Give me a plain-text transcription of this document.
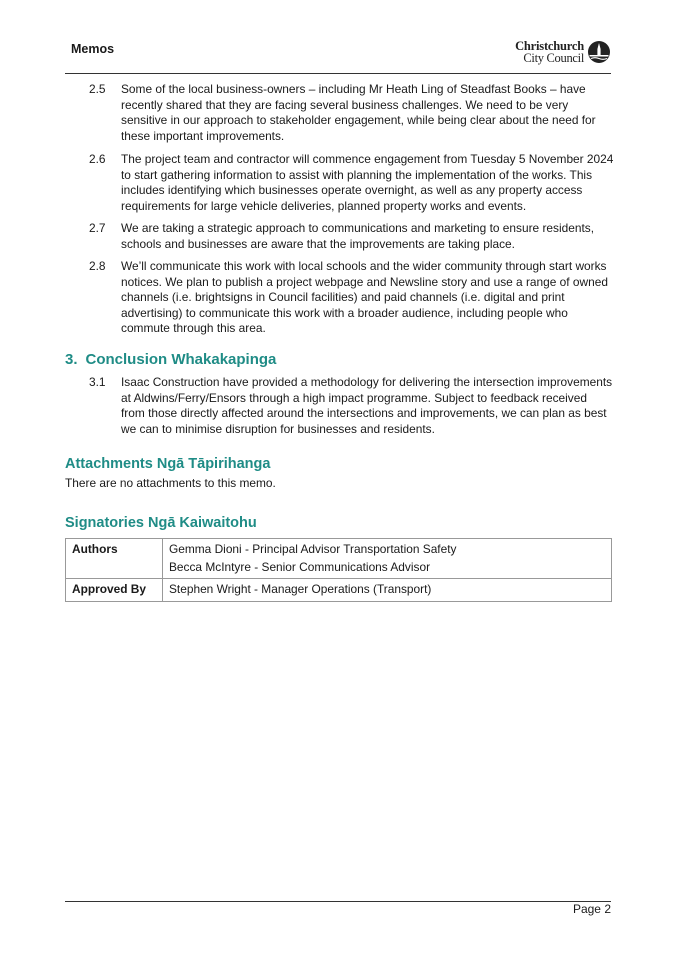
Memos	Christchurch
City Council
2.5	Some of the local business-owners – including Mr Heath Ling of Steadfast Books – have recently shared that they are facing several business challenges. We need to be very sensitive in our approach to stakeholder engagement, while being clear about the need for these important improvements.
2.6	The project team and contractor will commence engagement from Tuesday 5 November 2024 to start gathering information to assist with planning the implementation of the works. This includes identifying which businesses operate overnight, as well as any property access requirements for large vehicle deliveries, planned property works and events.
2.7	We are taking a strategic approach to communications and marketing to ensure residents, schools and businesses are aware that the improvements are taking place.
2.8	We’ll communicate this work with local schools and the wider community through start works notices. We plan to publish a project webpage and Newsline story and use a range of owned channels (i.e. brightsigns in Council facilities) and paid channels (i.e. digital and print advertising) to communicate this work with a broader audience, including people who commute through this area.
3. Conclusion Whakakapinga
3.1	Isaac Construction have provided a methodology for delivering the intersection improvements at Aldwins/Ferry/Ensors through a high impact programme. Subject to feedback received from those directly affected around the intersections and improvements, we can plan as best we can to minimise disruption for businesses and residents.
Attachments Ngā Tāpirihanga
There are no attachments to this memo.
Signatories Ngā Kaiwaitohu
Authors	Gemma Dioni - Principal Advisor Transportation Safety
Becca McIntyre - Senior Communications Advisor

Approved By	Stephen Wright - Manager Operations (Transport)
Page 2
